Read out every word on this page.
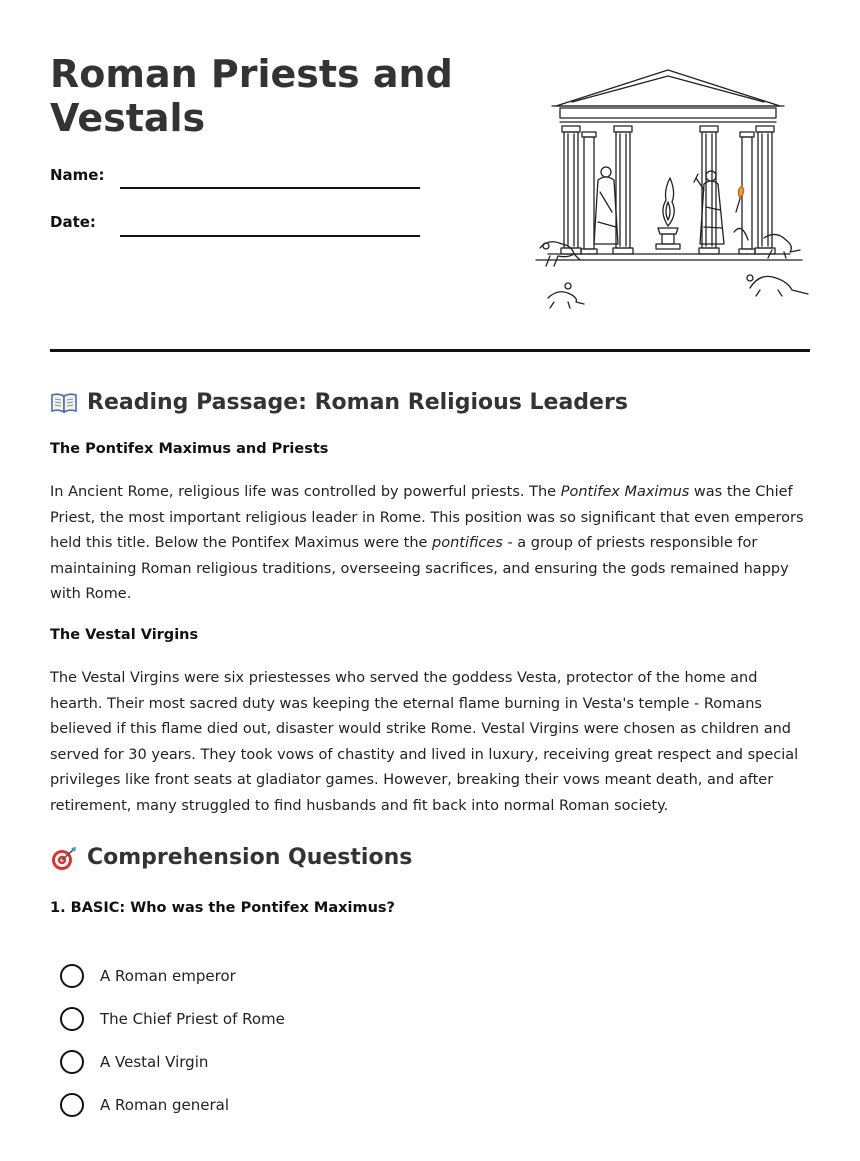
Roman Priests and Vestals
Name:
Date:
Reading Passage: Roman Religious Leaders
The Pontifex Maximus and Priests

In Ancient Rome, religious life was controlled by powerful priests. The Pontifex Maximus was the Chief Priest, the most important religious leader in Rome. This position was so significant that even emperors held this title. Below the Pontifex Maximus were the pontifices - a group of priests responsible for maintaining Roman religious traditions, overseeing sacrifices, and ensuring the gods remained happy with Rome.

The Vestal Virgins

The Vestal Virgins were six priestesses who served the goddess Vesta, protector of the home and hearth. Their most sacred duty was keeping the eternal flame burning in Vesta's temple - Romans believed if this flame died out, disaster would strike Rome. Vestal Virgins were chosen as children and served for 30 years. They took vows of chastity and lived in luxury, receiving great respect and special privileges like front seats at gladiator games. However, breaking their vows meant death, and after retirement, many struggled to find husbands and fit back into normal Roman society.

Comprehension Questions
1. BASIC: Who was the Pontifex Maximus?
A Roman emperor
The Chief Priest of Rome
A Vestal Virgin
A Roman general
